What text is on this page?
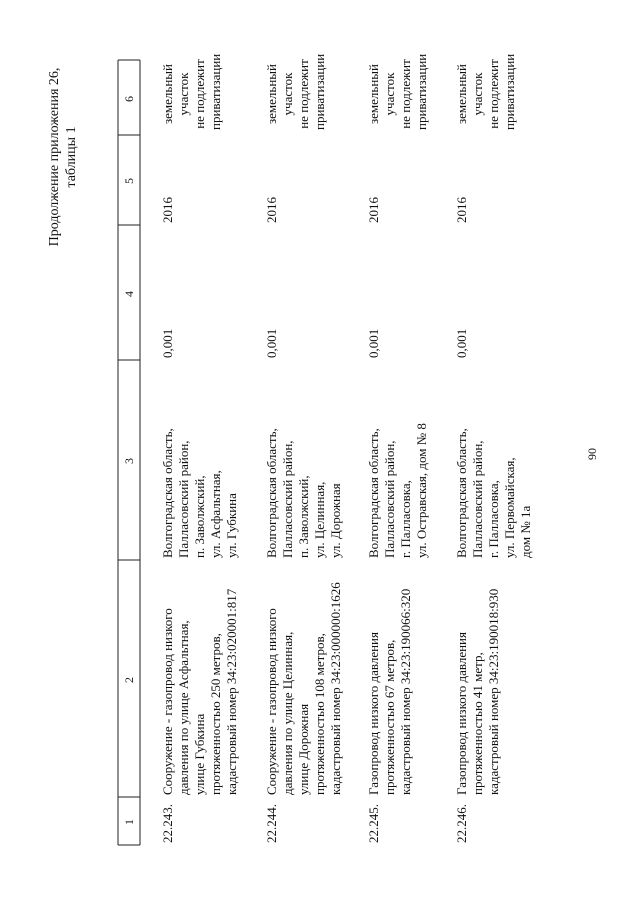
90
Продолжение приложения 26,
таблицы 1
1
2
3
4
5
6
22.243.
Сооружение - газопровод низкого
давления по улице Асфальтная,
улице Губкина
протяженностью 250 метров,
кадастровый номер 34:23:020001:817
Волгоградская область,
Палласовский район,
п. Заволжский,
ул. Асфальтная,
ул. Губкина
0,001
2016
земельный
участок
не подлежит
приватизации
22.244.
Сооружение - газопровод низкого
давления по улице Целинная,
улице Дорожная
протяженностью 108 метров,
кадастровый номер 34:23:000000:1626
Волгоградская область,
Палласовский район,
п. Заволжский,
ул. Целинная,
ул. Дорожная
0,001
2016
земельный
участок
не подлежит
приватизации
22.245.
Газопровод низкого давления
протяженностью 67 метров,
кадастровый номер 34:23:190066:320
Волгоградская область,
Палласовский район,
г. Палласовка,
ул. Остравская, дом № 8
0,001
2016
земельный
участок
не подлежит
приватизации
22.246.
Газопровод низкого давления
протяженностью 41 метр,
кадастровый номер 34:23:190018:930
Волгоградская область,
Палласовский район,
г. Палласовка,
ул. Первомайская,
дом № 1а
0,001
2016
земельный
участок
не подлежит
приватизации
